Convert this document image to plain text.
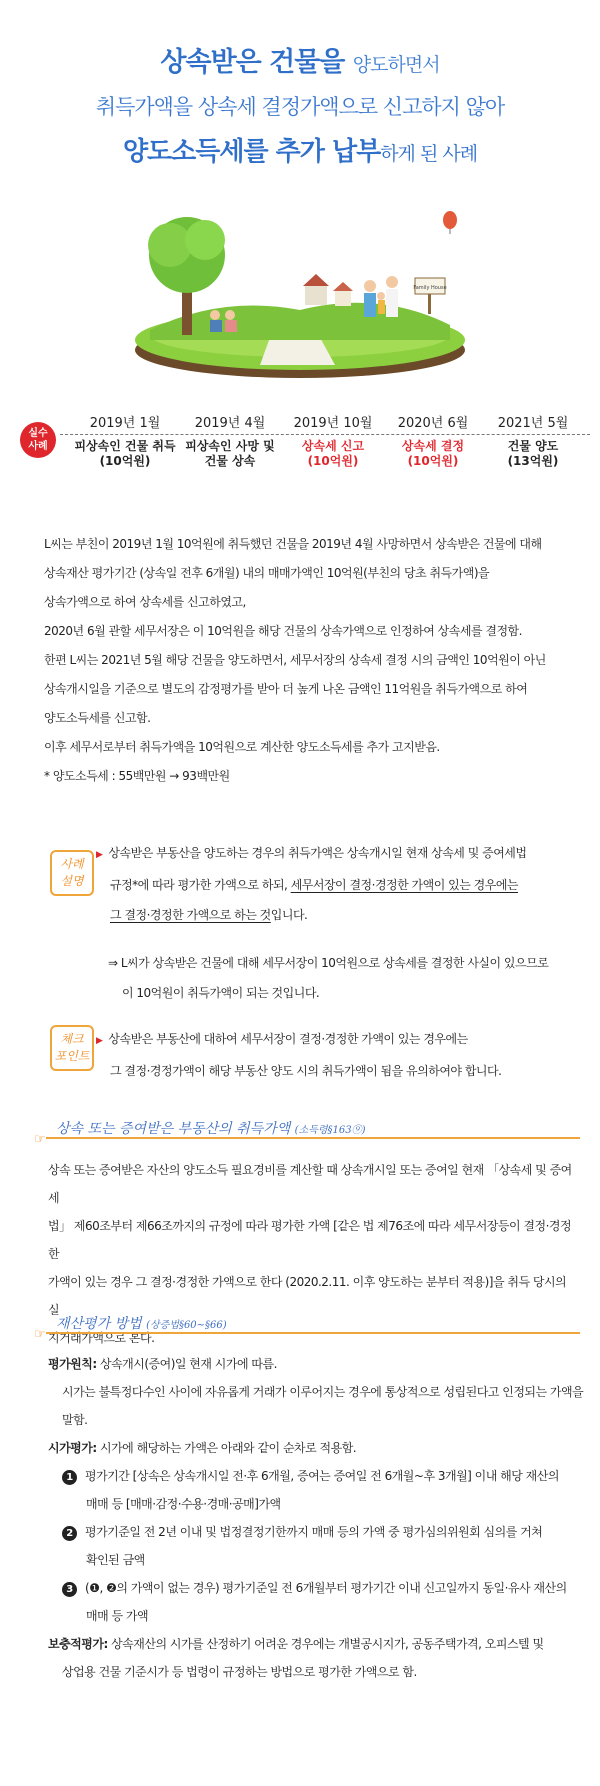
상속받은 건물을 양도하면서
취득가액을 상속세 결정가액으로 신고하지 않아
양도소득세를 추가 납부하게 된 사례
Family House
실수
사례
2019년 1월
피상속인 건물 취득
(10억원)
2019년 4월
피상속인 사망 및
건물 상속
2019년 10월
상속세 신고
(10억원)
2020년 6월
상속세 결정
(10억원)
2021년 5월
건물 양도
(13억원)

L씨는 부친이 2019년 1월 10억원에 취득했던 건물을 2019년 4월 사망하면서 상속받은 건물에 대해

상속재산 평가기간 (상속일 전후 6개월) 내의 매매가액인 10억원(부친의 당초 취득가액)을

상속가액으로 하여 상속세를 신고하였고,

2020년 6월 관할 세무서장은 이 10억원을 해당 건물의 상속가액으로 인정하여 상속세를 결정함.

한편 L씨는 2021년 5월 해당 건물을 양도하면서, 세무서장의 상속세 결정 시의 금액인 10억원이 아닌

상속개시일을 기준으로 별도의 감정평가를 받아 더 높게 나온 금액인 11억원을 취득가액으로 하여

양도소득세를 신고함.

이후 세무서로부터 취득가액을 10억원으로 계산한 양도소득세를 추가 고지받음.

* 양도소득세 : 55백만원 → 93백만원

사례
설명
▶ 상속받은 부동산을 양도하는 경우의 취득가액은 상속개시일 현재 상속세 및 증여세법
규정*에 따라 평가한 가액으로 하되, 세무서장이 결정·경정한 가액이 있는 경우에는
그 결정·경정한 가액으로 하는 것입니다.
⇒ L씨가 상속받은 건물에 대해 세무서장이 10억원으로 상속세를 결정한 사실이 있으므로
이 10억원이 취득가액이 되는 것입니다.
체크
포인트
▶ 상속받은 부동산에 대하여 세무서장이 결정·경정한 가액이 있는 경우에는
그 결정·경정가액이 해당 부동산 양도 시의 취득가액이 됨을 유의하여야 합니다.
☞
상속 또는 증여받은 부동산의 취득가액 (소득령§163⑨)
상속 또는 증여받은 자산의 양도소득 필요경비를 계산할 때 상속개시일 또는 증여일 현재 「상속세 및 증여세
법」 제60조부터 제66조까지의 규정에 따라 평가한 가액 [같은 법 제76조에 따라 세무서장등이 결정·경정한
가액이 있는 경우 그 결정·경정한 가액으로 한다 (2020.2.11. 이후 양도하는 분부터 적용)]을 취득 당시의 실
지거래가액으로 본다.
☞
재산평가 방법 (상증법§60~§66)
평가원칙: 상속개시(증여)일 현재 시가에 따름.
시가는 불특정다수인 사이에 자유롭게 거래가 이루어지는 경우에 통상적으로 성립된다고 인정되는 가액을
말함.
시가평가: 시가에 해당하는 가액은 아래와 같이 순차로 적용함.
1 평가기간 [상속은 상속개시일 전·후 6개월, 증여는 증여일 전 6개월~후 3개월] 이내 해당 재산의
매매 등 [매매·감정·수용·경매·공매]가액
2 평가기준일 전 2년 이내 및 법정결정기한까지 매매 등의 가액 중 평가심의위원회 심의를 거쳐
확인된 금액
3 (❶, ❷의 가액이 없는 경우) 평가기준일 전 6개월부터 평가기간 이내 신고일까지 동일·유사 재산의
매매 등 가액
보충적평가: 상속재산의 시가를 산정하기 어려운 경우에는 개별공시지가, 공동주택가격, 오피스텔 및
상업용 건물 기준시가 등 법령이 규정하는 방법으로 평가한 가액으로 함.
